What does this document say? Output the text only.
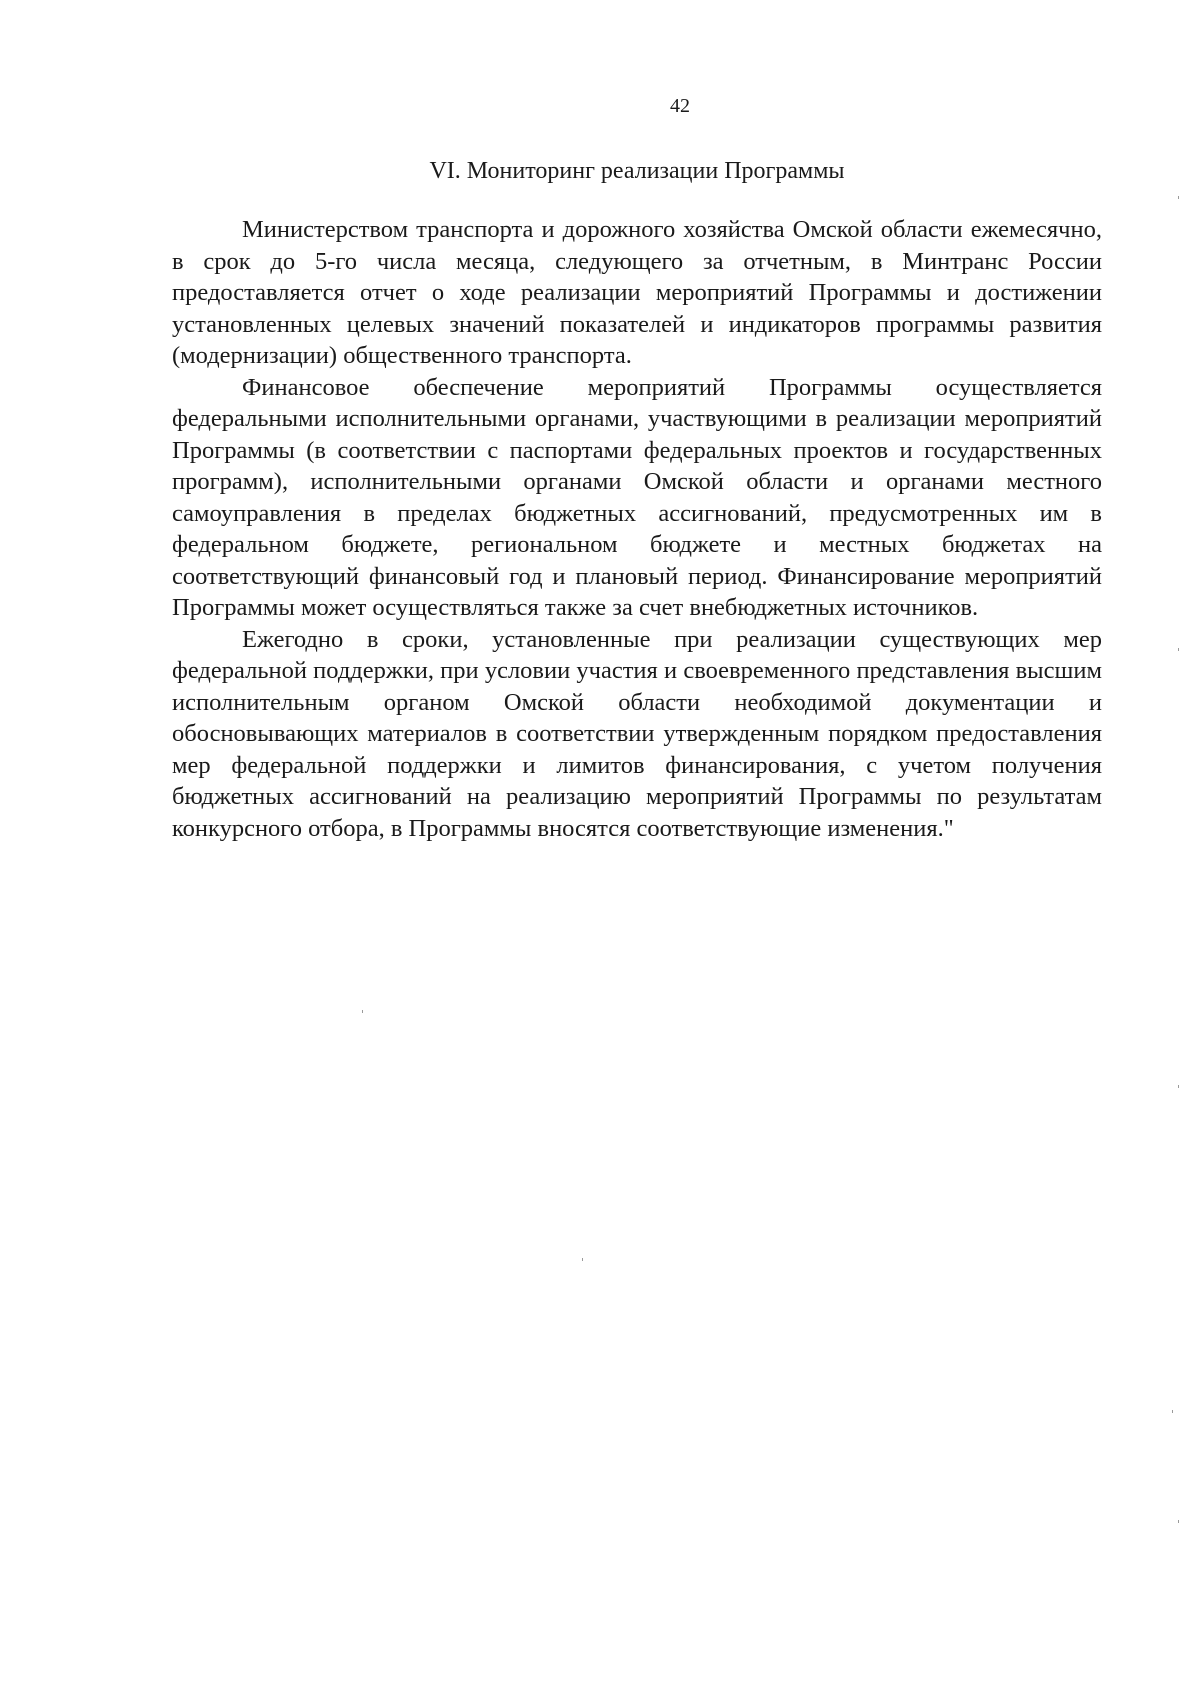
42
VI. Мониторинг реализации Программы

Министерством транспорта и дорожного хозяйства Омской области ежемесячно, в срок до 5-го числа месяца, следующего за отчетным, в Минтранс России предоставляется отчет о ходе реализации мероприятий Программы и достижении установленных целевых значений показателей и индикаторов программы развития (модернизации) общественного транспорта.

Финансовое обеспечение мероприятий Программы осуществляется федеральными исполнительными органами, участвующими в реализации мероприятий Программы (в соответствии с паспортами федеральных проектов и государственных программ), исполнительными органами Омской области и органами местного самоуправления в пределах бюджетных ассигнований, предусмотренных им в федеральном бюджете, региональном бюджете и местных бюджетах на соответствующий финансовый год и плановый период. Финансирование мероприятий Программы может осуществляться также за счет внебюджетных источников.

Ежегодно в сроки, установленные при реализации существующих мер федеральной поддержки, при условии участия и своевременного представления высшим исполнительным органом Омской области необходимой документации и обосновывающих материалов в соответствии утвержденным порядком предоставления мер федеральной поддержки и лимитов финансирования, с учетом получения бюджетных ассигнований на реализацию мероприятий Программы по результатам конкурсного отбора, в Программы вносятся соответствующие изменения."
